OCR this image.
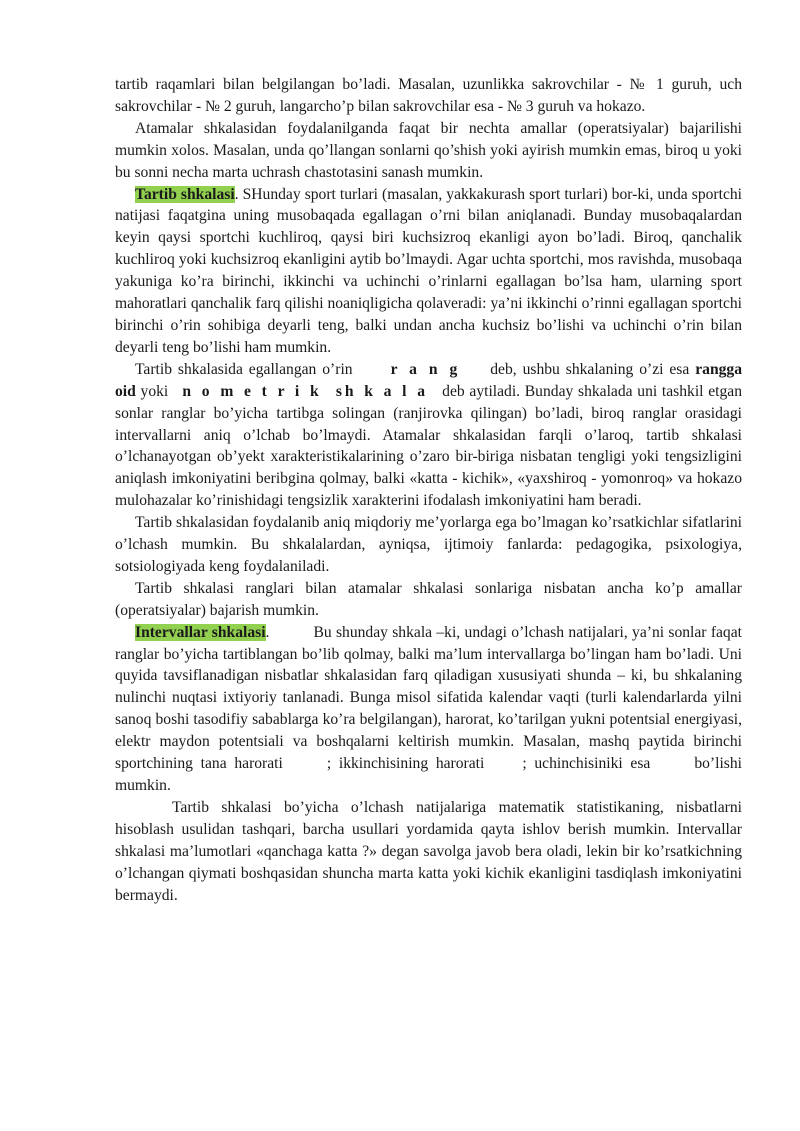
tartib raqamlari bilan belgilangan bo’ladi. Masalan, uzunlikka sakrovchilar - № 1 guruh, uch sakrovchilar - № 2 guruh, langarcho’p bilan sakrovchilar esa - № 3 guruh va hokazo.

Atamalar shkalasidan foydalanilganda faqat bir nechta amallar (operatsiyalar) bajarilishi mumkin xolos. Masalan, unda qo’llangan sonlarni qo’shish yoki ayirish mumkin emas, biroq u yoki bu sonni necha marta uchrash chastotasini sanash mumkin.

Tartib shkalasi. SHunday sport turlari (masalan, yakkakurash sport turlari) bor-ki, unda sportchi natijasi faqatgina uning musobaqada egallagan o’rni bilan aniqlanadi. Bunday musobaqalardan keyin qaysi sportchi kuchliroq, qaysi biri kuchsizroq ekanligi ayon bo’ladi. Biroq, qanchalik kuchliroq yoki kuchsizroq ekanligini aytib bo’lmaydi. Agar uchta sportchi, mos ravishda, musobaqa yakuniga ko’ra birinchi, ikkinchi va uchinchi o’rinlarni egallagan bo’lsa ham, ularning sport mahoratlari qanchalik farq qilishi noaniqligicha qolaveradi: ya’ni ikkinchi o’rinni egallagan sportchi birinchi o’rin sohibiga deyarli teng, balki undan ancha kuchsiz bo’lishi va uchinchi o’rin bilan deyarli teng bo’lishi ham mumkin.

Tartib shkalasida egallangan o’rin r a n g deb, ushbu shkalaning o’zi esa rangga oid yoki n o m e t r i k sh k a l a deb aytiladi. Bunday shkalada uni tashkil etgan sonlar ranglar bo’yicha tartibga solingan (ranjirovka qilingan) bo’ladi, biroq ranglar orasidagi intervallarni aniq o’lchab bo’lmaydi. Atamalar shkalasidan farqli o’laroq, tartib shkalasi o’lchanayotgan ob’yekt xarakteristikalarining o’zaro bir-biriga nisbatan tengligi yoki tengsizligini aniqlash imkoniyatini beribgina qolmay, balki «katta - kichik», «yaxshiroq - yomonroq» va hokazo mulohazalar ko’rinishidagi tengsizlik xarakterini ifodalash imkoniyatini ham beradi.

Tartib shkalasidan foydalanib aniq miqdoriy me’yorlarga ega bo’lmagan ko’rsatkichlar sifatlarini o’lchash mumkin. Bu shkalalardan, ayniqsa, ijtimoiy fanlarda: pedagogika, psixologiya, sotsiologiyada keng foydalaniladi.

Tartib shkalasi ranglari bilan atamalar shkalasi sonlariga nisbatan ancha ko’p amallar (operatsiyalar) bajarish mumkin.

Intervallar shkalasi.	Bu shunday shkala –ki, undagi o’lchash natijalari, ya’ni sonlar faqat ranglar bo’yicha tartiblangan bo’lib qolmay, balki ma’lum intervallarga bo’lingan ham bo’ladi. Uni quyida tavsiflanadigan nisbatlar shkalasidan farq qiladigan xususiyati shunda – ki, bu shkalaning nulinchi nuqtasi ixtiyoriy tanlanadi. Bunga misol sifatida kalendar vaqti (turli kalendarlarda yilni sanoq boshi tasodifiy sabablarga ko’ra belgilangan), harorat, ko’tarilgan yukni potentsial energiyasi, elektr maydon potentsiali va boshqalarni keltirish mumkin. Masalan, mashq paytida birinchi sportchining tana harorati	; ikkinchisining harorati ; uchinchisiniki esa	bo’lishi mumkin.

Tartib shkalasi bo’yicha o’lchash natijalariga matematik statistikaning, nisbatlarni hisoblash usulidan tashqari, barcha usullari yordamida qayta ishlov berish mumkin. Intervallar shkalasi ma’lumotlari «qanchaga katta ?» degan savolga javob bera oladi, lekin bir ko’rsatkichning o’lchangan qiymati boshqasidan shuncha marta katta yoki kichik ekanligini tasdiqlash imkoniyatini bermaydi.
